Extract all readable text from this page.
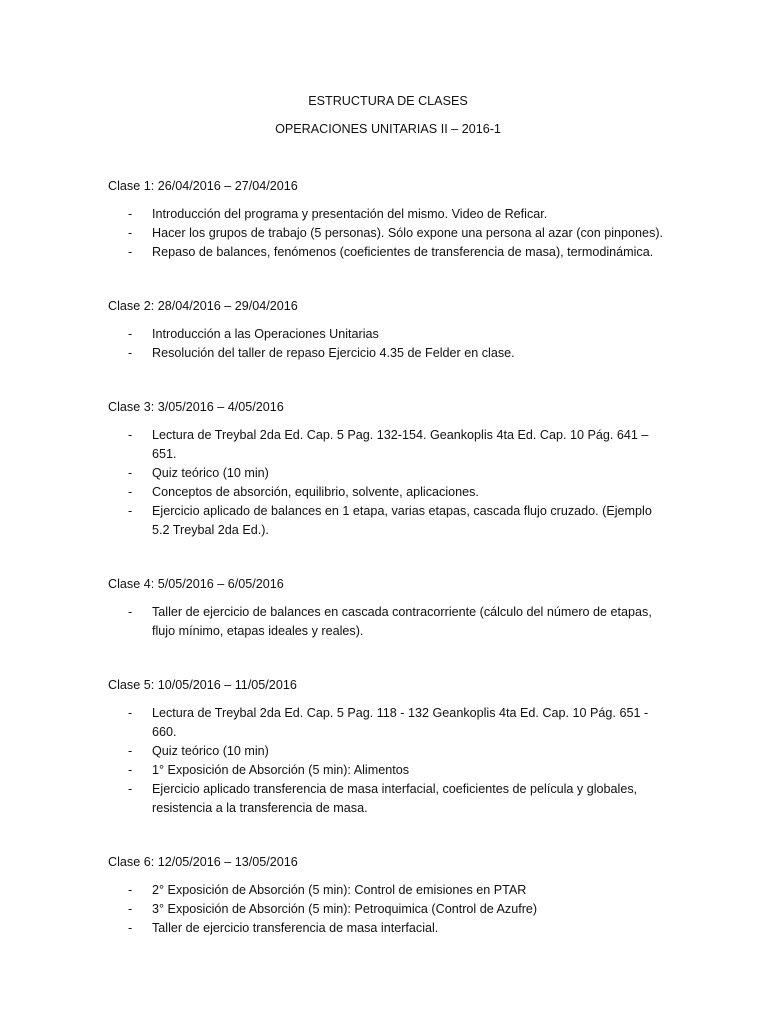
ESTRUCTURA DE CLASES
OPERACIONES UNITARIAS II – 2016-1
Clase 1: 26/04/2016 – 27/04/2016
- Introducción del programa y presentación del mismo. Video de Reficar.
- Hacer los grupos de trabajo (5 personas). Sólo expone una persona al azar (con pinpones).
- Repaso de balances, fenómenos (coeficientes de transferencia de masa), termodinámica.
Clase 2: 28/04/2016 – 29/04/2016
- Introducción a las Operaciones Unitarias
- Resolución del taller de repaso Ejercicio 4.35 de Felder en clase.
Clase 3: 3/05/2016 – 4/05/2016
- Lectura de Treybal 2da Ed. Cap. 5 Pag. 132-154. Geankoplis 4ta Ed. Cap. 10 Pág. 641 – 651.
- Quiz teórico (10 min)
- Conceptos de absorción, equilibrio, solvente, aplicaciones.
- Ejercicio aplicado de balances en 1 etapa, varias etapas, cascada flujo cruzado. (Ejemplo 5.2 Treybal 2da Ed.).
Clase 4: 5/05/2016 – 6/05/2016
- Taller de ejercicio de balances en cascada contracorriente (cálculo del número de etapas, flujo mínimo, etapas ideales y reales).
Clase 5: 10/05/2016 – 11/05/2016
- Lectura de Treybal 2da Ed. Cap. 5 Pag. 118 - 132 Geankoplis 4ta Ed. Cap. 10 Pág. 651 - 660.
- Quiz teórico (10 min)
- 1° Exposición de Absorción (5 min): Alimentos
- Ejercicio aplicado transferencia de masa interfacial, coeficientes de película y globales, resistencia a la transferencia de masa.
Clase 6: 12/05/2016 – 13/05/2016
- 2° Exposición de Absorción (5 min): Control de emisiones en PTAR
- 3° Exposición de Absorción (5 min): Petroquimica (Control de Azufre)
- Taller de ejercicio transferencia de masa interfacial.
